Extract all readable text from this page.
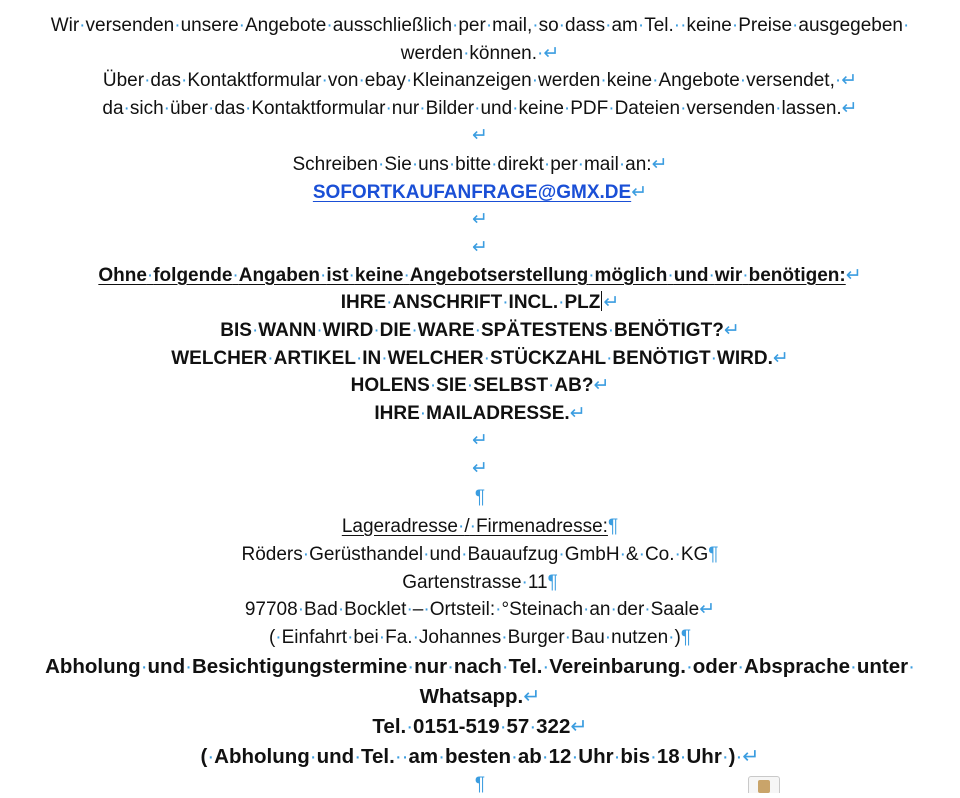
Wir·versenden·unsere·Angebote·ausschließlich·per·mail,·so·dass·am·Tel.··keine·Preise·ausgegeben·
werden·können.·↵
Über·das·Kontaktformular·von·ebay·Kleinanzeigen·werden·keine·Angebote·versendet,·↵
da·sich·über·das·Kontaktformular·nur·Bilder·und·keine·PDF·Dateien·versenden·lassen.↵
↵
Schreiben·Sie·uns·bitte·direkt·per·mail·an:↵
SOFORTKAUFANFRAGE@GMX.DE↵
↵
↵
Ohne·folgende·Angaben·ist·keine·Angebotserstellung·möglich·und·wir·benötigen:↵
IHRE·ANSCHRIFT·INCL.·PLZ ↵
BIS·WANN·WIRD·DIE·WARE·SPÄTESTENS·BENÖTIGT?↵
WELCHER·ARTIKEL·IN·WELCHER·STÜCKZAHL·BENÖTIGT·WIRD.↵
HOLENS·SIE·SELBST·AB?↵
IHRE·MAILADRESSE.↵
↵
↵
¶
Lageradresse·/·Firmenadresse:¶
Röders·Gerüsthandel·und·Bauaufzug·GmbH·&·Co.·KG¶
Gartenstrasse·11¶
97708·Bad·Bocklet·–·Ortsteil:·°Steinach·an·der·Saale↵
(·Einfahrt·bei·Fa.·Johannes·Burger·Bau·nutzen·)¶
Abholung·und·Besichtigungstermine·nur·nach·Tel.·Vereinbarung.·oder·Absprache·unter·
Whatsapp.↵
Tel.·0151-519·57·322↵
(·Abholung·und·Tel.··am·besten·ab·12·Uhr·bis·18·Uhr·)·↵
¶
